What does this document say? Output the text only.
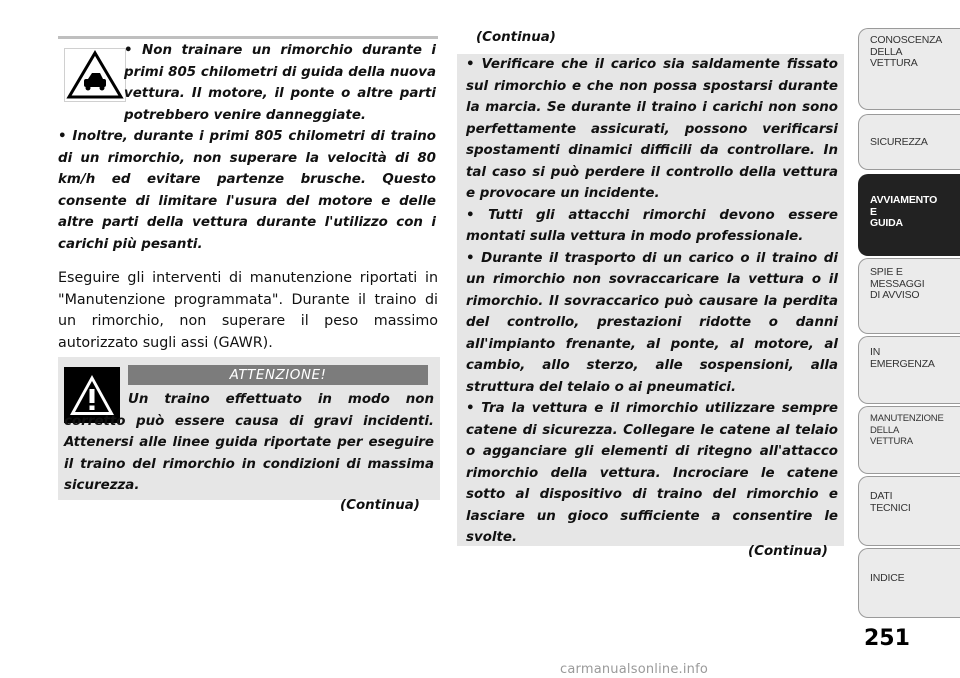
• Non trainare un rimorchio durante i primi 805 chilometri di guida della nuova vettura. Il motore, il ponte o altre parti potrebbero venire danneggiate.

• Inoltre, durante i primi 805 chilometri di traino di un rimorchio, non superare la velocità di 80 km/h ed evitare partenze brusche. Questo consente di limitare l'usura del motore e delle altre parti della vettura durante l'utilizzo con i carichi più pesanti.

Eseguire gli interventi di manutenzione riportati in "Manutenzione programmata". Durante il traino di un rimorchio, non superare il peso massimo autorizzato sugli assi (GAWR).
ATTENZIONE!

Un traino effettuato in modo non corretto può essere causa di gravi incidenti. Attenersi alle linee guida riportate per eseguire il traino del rimorchio in condizioni di massima sicurezza.

(Continua)
(Continua)

• Verificare che il carico sia saldamente fissato sul rimorchio e che non possa spostarsi durante la marcia. Se durante il traino i carichi non sono perfettamente assicurati, possono verificarsi spostamenti dinamici difficili da controllare. In tal caso si può perdere il controllo della vettura e provocare un incidente.

• Tutti gli attacchi rimorchi devono essere montati sulla vettura in modo professionale.

• Durante il trasporto di un carico o il traino di un rimorchio non sovraccaricare la vettura o il rimorchio. Il sovraccarico può causare la perdita del controllo, prestazioni ridotte o danni all'impianto frenante, al ponte, al motore, al cambio, allo sterzo, alle sospensioni, alla struttura del telaio o ai pneumatici.

• Tra la vettura e il rimorchio utilizzare sempre catene di sicurezza. Collegare le catene al telaio o agganciare gli elementi di ritegno all'attacco rimorchio della vettura. Incrociare le catene sotto al dispositivo di traino del rimorchio e lasciare un gioco sufficiente a consentire le svolte.

(Continua)
CONOSCENZA
DELLA
VETTURA
SICUREZZA
AVVIAMENTO
E
GUIDA
SPIE E
MESSAGGI
DI AVVISO
IN
EMERGENZA
MANUTENZIONE
DELLA
VETTURA
DATI
TECNICI
INDICE
251
carmanualsonline.info
